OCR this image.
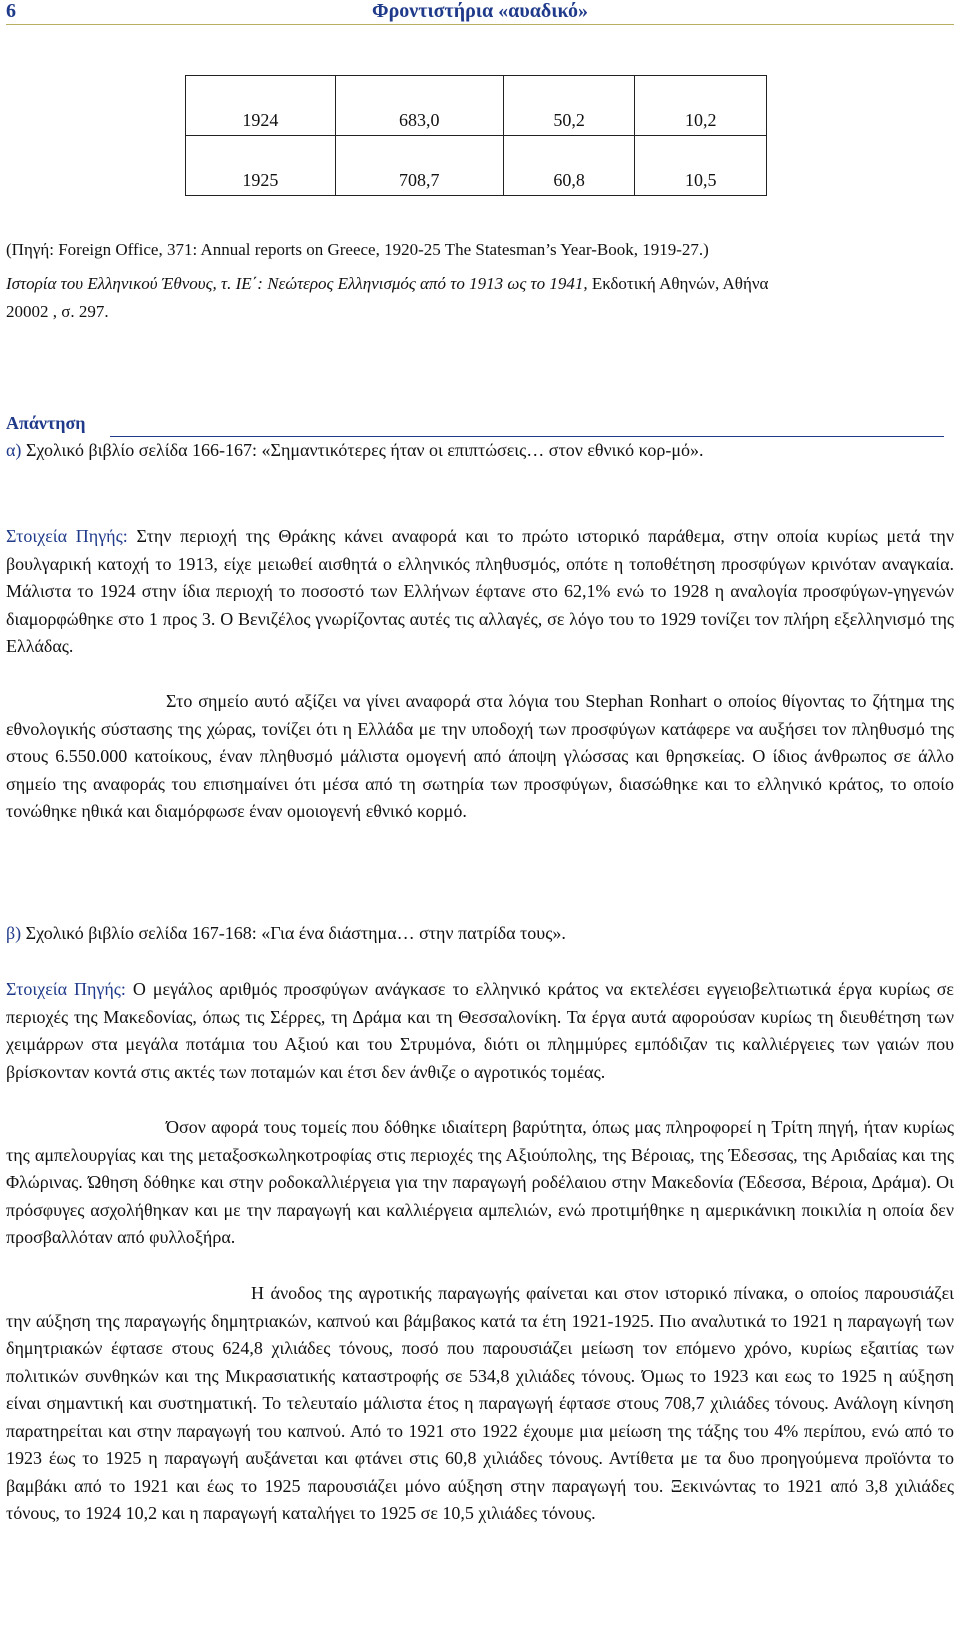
6	Φροντιστήρια «αυαδικό»
1924	683,0	50,2	10,2
1925	708,7	60,8	10,5
(Πηγή: Foreign Office, 371: Annual reports on Greece, 1920-25 The Statesman’s Year-Book, 1919-27.)
Ιστορία του Ελληνικού Έθνους, τ. ΙΕ΄: Νεώτερος Ελληνισμός από το 1913 ως το 1941, Εκδοτική Αθηνών, Αθήνα
20002 , σ. 297.
Απάντηση
α) Σχολικό βιβλίο σελίδα 166-167: «Σημαντικότερες ήταν οι επιπτώσεις… στον εθνικό κορ-μό».
Στοιχεία Πηγής: Στην περιοχή της Θράκης κάνει αναφορά και το πρώτο ιστορικό παράθεμα, στην οποία κυρίως μετά την βουλγαρική κατοχή το 1913, είχε μειωθεί αισθητά ο ελληνικός πληθυσμός, οπότε η τοποθέτηση προσφύγων κρινόταν αναγκαία. Μάλιστα το 1924 στην ίδια περιοχή το ποσοστό των Ελλήνων έφτανε στο 62,1% ενώ το 1928 η αναλογία προσφύγων-γηγενών διαμορφώθηκε στο 1 προς 3. Ο Βενιζέλος γνωρίζοντας αυτές τις αλλαγές, σε λόγο του το 1929 τονίζει τον πλήρη εξελληνισμό της Ελλάδας.
Στο σημείο αυτό αξίζει να γίνει αναφορά στα λόγια του Stephan Ronhart ο οποίος θίγοντας το ζήτημα της εθνολογικής σύστασης της χώρας, τονίζει ότι η Ελλάδα με την υποδοχή των προσφύγων κατάφερε να αυξήσει τον πληθυσμό της στους 6.550.000 κατοίκους, έναν πληθυσμό μάλιστα ομογενή από άποψη γλώσσας και θρησκείας. Ο ίδιος άνθρωπος σε άλλο σημείο της αναφοράς του επισημαίνει ότι μέσα από τη σωτηρία των προσφύγων, διασώθηκε και το ελληνικό κράτος, το οποίο τονώθηκε ηθικά και διαμόρφωσε έναν ομοιογενή εθνικό κορμό.
β) Σχολικό βιβλίο σελίδα 167-168: «Για ένα διάστημα… στην πατρίδα τους».
Στοιχεία Πηγής: Ο μεγάλος αριθμός προσφύγων ανάγκασε το ελληνικό κράτος να εκτελέσει εγγειοβελτιωτικά έργα κυρίως σε περιοχές της Μακεδονίας, όπως τις Σέρρες, τη Δράμα και τη Θεσσαλονίκη. Τα έργα αυτά αφορούσαν κυρίως τη διευθέτηση των χειμάρρων στα μεγάλα ποτάμια του Αξιού και του Στρυμόνα, διότι οι πλημμύρες εμπόδιζαν τις καλλιέργειες των γαιών που βρίσκονταν κοντά στις ακτές των ποταμών και έτσι δεν άνθιζε ο αγροτικός τομέας.
Όσον αφορά τους τομείς που δόθηκε ιδιαίτερη βαρύτητα, όπως μας πληροφορεί η Τρίτη πηγή, ήταν κυρίως της αμπελουργίας και της μεταξοσκωληκοτροφίας στις περιοχές της Αξιούπολης, της Βέροιας, της Έδεσσας, της Αριδαίας και της Φλώρινας. Ώθηση δόθηκε και στην ροδοκαλλιέργεια για την παραγωγή ροδέλαιου στην Μακεδονία (Έδεσσα, Βέροια, Δράμα). Οι πρόσφυγες ασχολήθηκαν και με την παραγωγή και καλλιέργεια αμπελιών, ενώ προτιμήθηκε η αμερικάνικη ποικιλία η οποία δεν προσβαλλόταν από φυλλοξήρα.
Η άνοδος της αγροτικής παραγωγής φαίνεται και στον ιστορικό πίνακα, ο οποίος παρουσιάζει την αύξηση της παραγωγής δημητριακών, καπνού και βάμβακος κατά τα έτη 1921-1925. Πιο αναλυτικά το 1921 η παραγωγή των δημητριακών έφτασε στους 624,8 χιλιάδες τόνους, ποσό που παρουσιάζει μείωση τον επόμενο χρόνο, κυρίως εξαιτίας των πολιτικών συνθηκών και της Μικρασιατικής καταστροφής σε 534,8 χιλιάδες τόνους. Όμως το 1923 και εως το 1925 η αύξηση είναι σημαντική και συστηματική. Το τελευταίο μάλιστα έτος η παραγωγή έφτασε στους 708,7 χιλιάδες τόνους. Ανάλογη κίνηση παρατηρείται και στην παραγωγή του καπνού. Από το 1921 στο 1922 έχουμε μια μείωση της τάξης του 4% περίπου, ενώ από το 1923 έως το 1925 η παραγωγή αυξάνεται και φτάνει στις 60,8 χιλιάδες τόνους. Αντίθετα με τα δυο προηγούμενα προϊόντα το βαμβάκι από το 1921 και έως το 1925 παρουσιάζει μόνο αύξηση στην παραγωγή του. Ξεκινώντας το 1921 από 3,8 χιλιάδες τόνους, το 1924 10,2 και η παραγωγή καταλήγει το 1925 σε 10,5 χιλιάδες τόνους.
